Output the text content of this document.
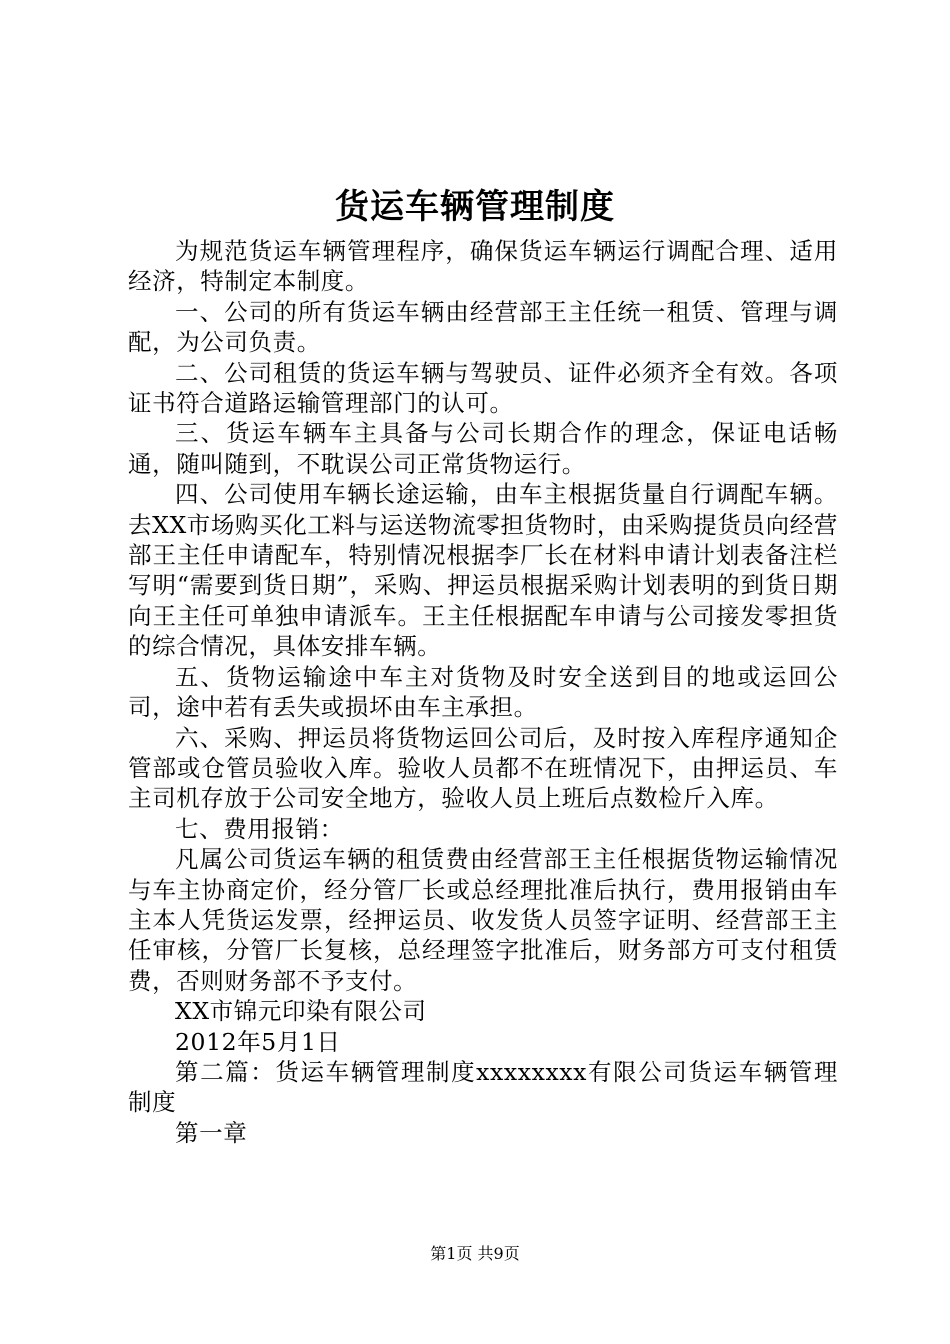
货运车辆管理制度

为规范货运车辆管理程序，确保货运车辆运行调配合理、适用经济，特制定本制度。

一、公司的所有货运车辆由经营部王主任统一租赁、管理与调配，为公司负责。

二、公司租赁的货运车辆与驾驶员、证件必须齐全有效。各项证书符合道路运输管理部门的认可。

三、货运车辆车主具备与公司长期合作的理念，保证电话畅通，随叫随到，不耽误公司正常货物运行。

四、公司使用车辆长途运输，由车主根据货量自行调配车辆。去XX市场购买化工料与运送物流零担货物时，由采购提货员向经营部王主任申请配车，特别情况根据李厂长在材料申请计划表备注栏写明“需要到货日期”，采购、押运员根据采购计划表明的到货日期向王主任可单独申请派车。王主任根据配车申请与公司接发零担货的综合情况，具体安排车辆。

五、货物运输途中车主对货物及时安全送到目的地或运回公司，途中若有丢失或损坏由车主承担。

六、采购、押运员将货物运回公司后，及时按入库程序通知企管部或仓管员验收入库。验收人员都不在班情况下，由押运员、车主司机存放于公司安全地方，验收人员上班后点数检斤入库。

七、费用报销：

凡属公司货运车辆的租赁费由经营部王主任根据货物运输情况与车主协商定价，经分管厂长或总经理批准后执行，费用报销由车主本人凭货运发票，经押运员、收发货人员签字证明、经营部王主任审核，分管厂长复核，总经理签字批准后，财务部方可支付租赁费，否则财务部不予支付。

XX市锦元印染有限公司

2012年5月1日

第二篇：货运车辆管理制度xxxxxxxx有限公司货运车辆管理制度

第一章

第1页 共9页
